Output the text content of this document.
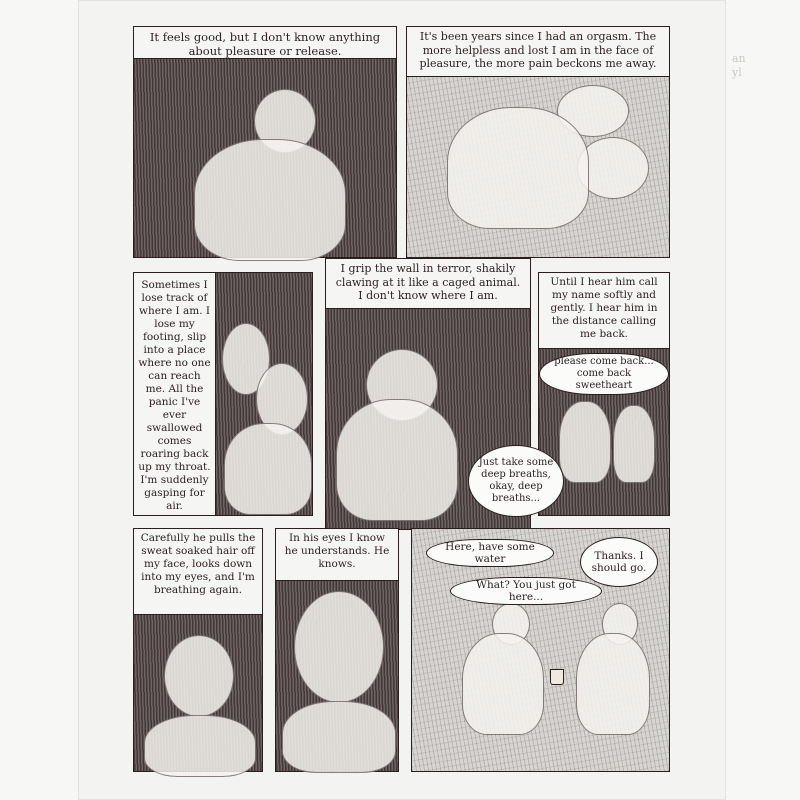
an
yl
It feels good, but I don't know anything about pleasure or release.
It's been years since I had an orgasm. The more helpless and lost I am in the face of pleasure, the more pain beckons me away.
Sometimes I lose track of where I am. I lose my footing, slip into a place where no one can reach me. All the panic I've ever swallowed comes roaring back up my throat. I'm suddenly gasping for air.
I grip the wall in terror, shakily clawing at it like a caged animal. I don't know where I am.
Just take some deep breaths, okay, deep breaths...
Until I hear him call my name softly and gently. I hear him in the distance calling me back.
please come back... come back sweetheart
Carefully he pulls the sweat soaked hair off my face, looks down into my eyes, and I'm breathing again.
In his eyes I know he understands. He knows.
Here, have some water	Thanks. I should go.
What? You just got here...
